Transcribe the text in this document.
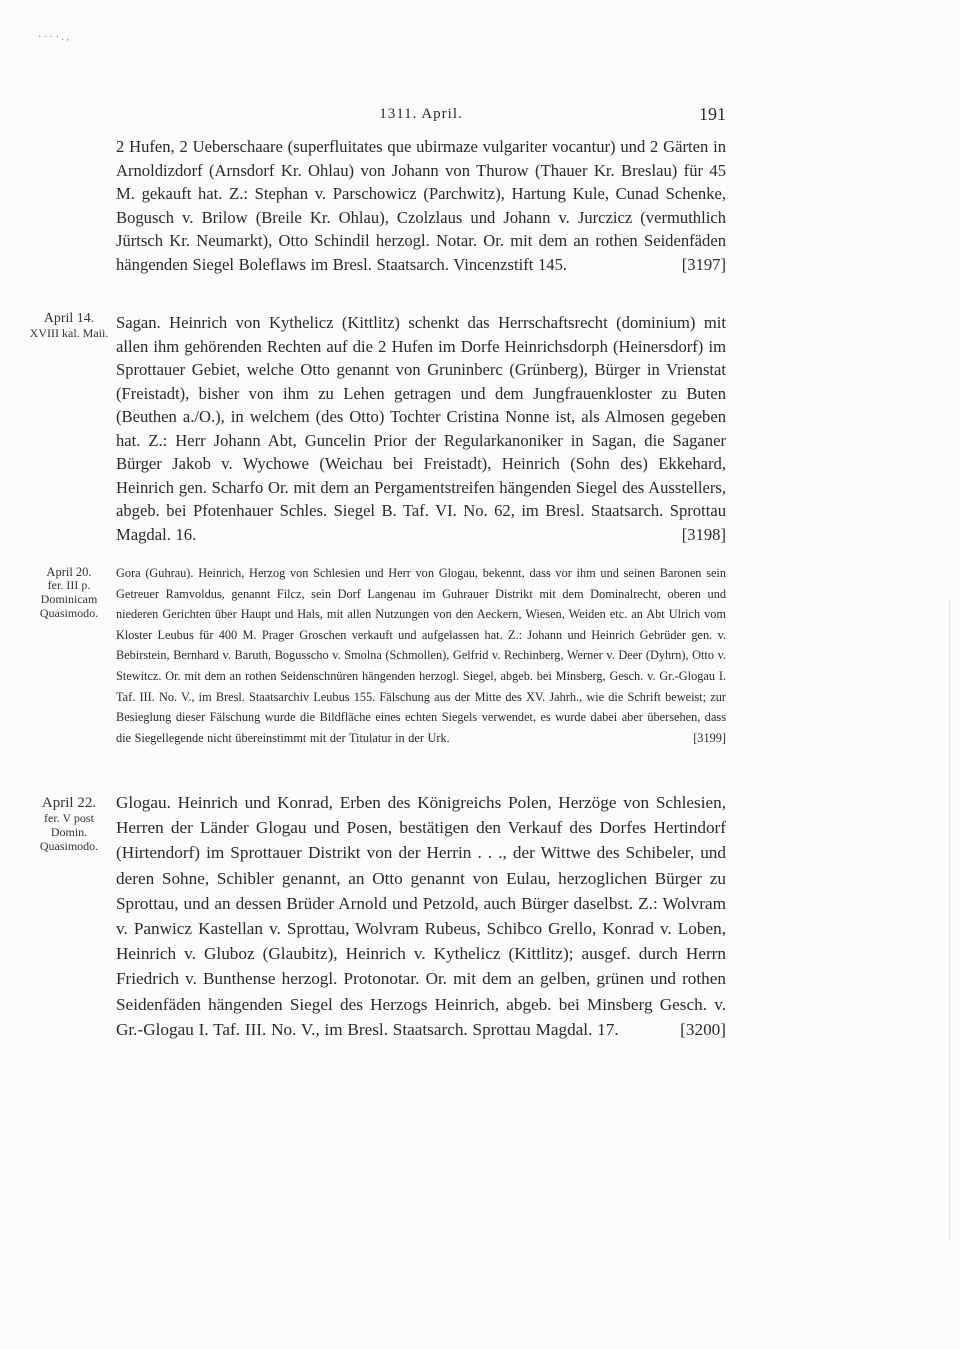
· · · · . ,
1311. April.	191

2 Hufen, 2 Ueberschaare (superfluitates que ubirmaze vulgariter vocantur) und 2 Gärten in Arnoldizdorf (Arnsdorf Kr. Ohlau) von Johann von Thurow (Thauer Kr. Breslau) für 45 M. gekauft hat. Z.: Stephan v. Parschowicz (Parchwitz), Hartung Kule, Cunad Schenke, Bogusch v. Brilow (Breile Kr. Ohlau), Czolzlaus und Johann v. Jurczicz (vermuthlich Jürtsch Kr. Neumarkt), Otto Schindil herzogl. Notar. Or. mit dem an rothen Seidenfäden hängenden Siegel Boleflaws im Bresl. Staatsarch. Vincenzstift 145.	[3197]

April 14.
XVIII kal. Maii.

Sagan. Heinrich von Kythelicz (Kittlitz) schenkt das Herrschaftsrecht (dominium) mit allen ihm gehörenden Rechten auf die 2 Hufen im Dorfe Heinrichsdorph (Heinersdorf) im Sprottauer Gebiet, welche Otto genannt von Gruninberc (Grünberg), Bürger in Vrienstat (Freistadt), bisher von ihm zu Lehen getragen und dem Jungfrauenkloster zu Buten (Beuthen a./O.), in welchem (des Otto) Tochter Cristina Nonne ist, als Almosen gegeben hat. Z.: Herr Johann Abt, Guncelin Prior der Regularkanoniker in Sagan, die Saganer Bürger Jakob v. Wychowe (Weichau bei Freistadt), Heinrich (Sohn des) Ekkehard, Heinrich gen. Scharfo Or. mit dem an Pergamentstreifen hängenden Siegel des Ausstellers, abgeb. bei Pfotenhauer Schles. Siegel B. Taf. VI. No. 62, im Bresl. Staatsarch. Sprottau Magdal. 16.	[3198]

April 20.
fer. III p. Dominicam Quasimodo.

Gora (Guhrau). Heinrich, Herzog von Schlesien und Herr von Glogau, bekennt, dass vor ihm und seinen Baronen sein Getreuer Ramvoldus, genannt Filcz, sein Dorf Langenau im Guhrauer Distrikt mit dem Dominalrecht, oberen und niederen Gerichten über Haupt und Hals, mit allen Nutzungen von den Aeckern, Wiesen, Weiden etc. an Abt Ulrich vom Kloster Leubus für 400 M. Prager Groschen verkauft und aufgelassen hat. Z.: Johann und Heinrich Gebrüder gen. v. Bebirstein, Bernhard v. Baruth, Bogusscho v. Smolna (Schmollen), Gelfrid v. Rechinberg, Werner v. Deer (Dyhrn), Otto v. Stewitcz. Or. mit dem an rothen Seidenschnüren hängenden herzogl. Siegel, abgeb. bei Minsberg, Gesch. v. Gr.-Glogau I. Taf. III. No. V., im Bresl. Staatsarchiv Leubus 155. Fälschung aus der Mitte des XV. Jahrh., wie die Schrift beweist; zur Besieglung dieser Fälschung wurde die Bildfläche eines echten Siegels verwendet, es wurde dabei aber übersehen, dass die Siegellegende nicht übereinstimmt mit der Titulatur in der Urk.	[3199]

April 22.
fer. V post Domin. Quasimodo.

Glogau. Heinrich und Konrad, Erben des Königreichs Polen, Herzöge von Schlesien, Herren der Länder Glogau und Posen, bestätigen den Verkauf des Dorfes Hertindorf (Hirtendorf) im Sprottauer Distrikt von der Herrin . . ., der Wittwe des Schibeler, und deren Sohne, Schibler genannt, an Otto genannt von Eulau, herzoglichen Bürger zu Sprottau, und an dessen Brüder Arnold und Petzold, auch Bürger daselbst. Z.: Wolvram v. Panwicz Kastellan v. Sprottau, Wolvram Rubeus, Schibco Grello, Konrad v. Loben, Heinrich v. Gluboz (Glaubitz), Heinrich v. Kythelicz (Kittlitz); ausgef. durch Herrn Friedrich v. Bunthense herzogl. Protonotar. Or. mit dem an gelben, grünen und rothen Seidenfäden hängenden Siegel des Herzogs Heinrich, abgeb. bei Minsberg Gesch. v. Gr.-Glogau I. Taf. III. No. V., im Bresl. Staatsarch. Sprottau Magdal. 17.	[3200]
